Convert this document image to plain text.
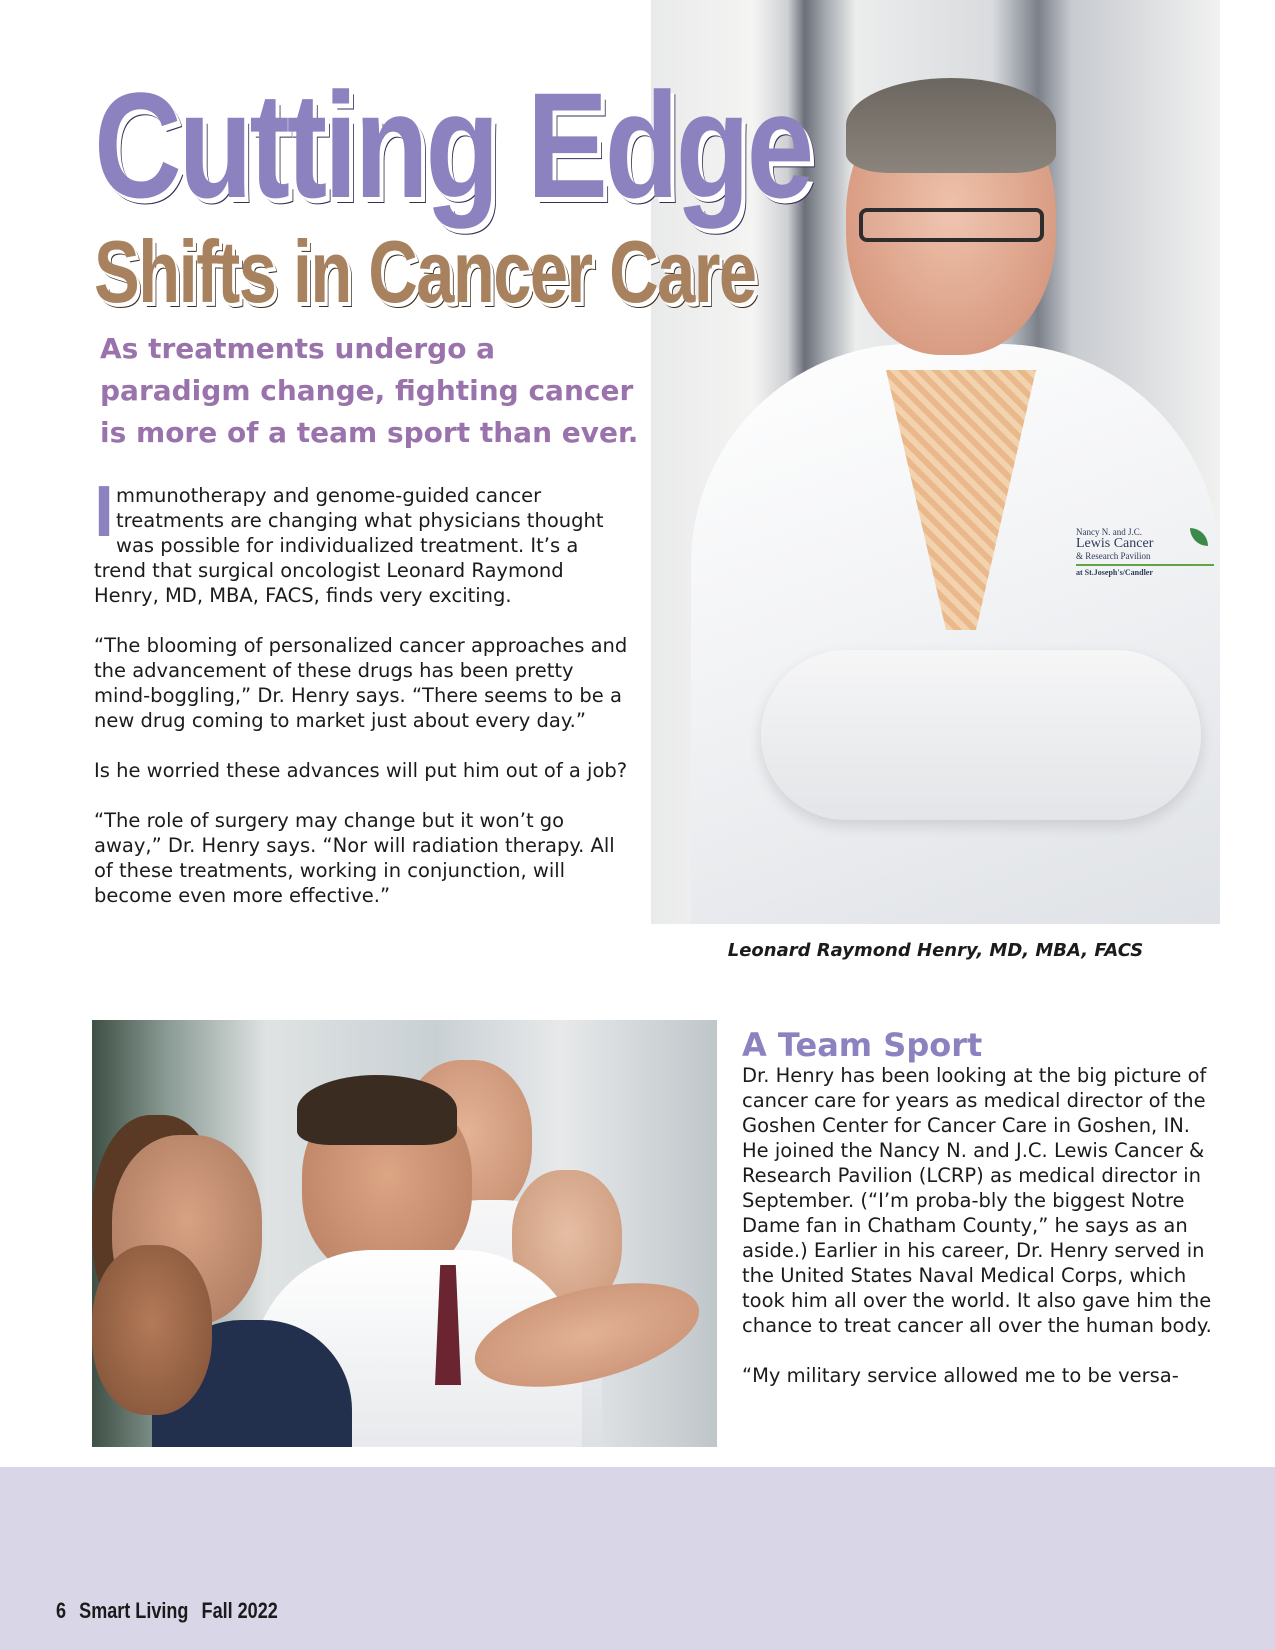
Nancy N. and J.C.
Lewis Cancer
& Research Pavilion
at St.Joseph's/Candler
Cutting Edge
Shifts in Cancer Care

As treatments undergo a paradigm change, fighting cancer is more of a team sport than ever.

Immunotherapy and genome-guided cancer treatments are changing what physicians thought was possible for individualized treatment. It’s a trend that surgical oncologist Leonard Raymond Henry, MD, MBA, FACS, finds very exciting.

“The blooming of personalized cancer approaches and the advancement of these drugs has been pretty mind-boggling,” Dr. Henry says. “There seems to be a new drug coming to market just about every day.”

Is he worried these advances will put him out of a job?

“The role of surgery may change but it won’t go away,” Dr. Henry says. “Nor will radiation therapy. All of these treatments, working in conjunction, will become even more effective.”

Leonard Raymond Henry, MD, MBA, FACS

A Team Sport

Dr. Henry has been looking at the big picture of cancer care for years as medical director of the Goshen Center for Cancer Care in Goshen, IN. He joined the Nancy N. and J.C. Lewis Cancer & Research Pavilion (LCRP) as medical director in September. (“I’m proba-bly the biggest Notre Dame fan in Chatham County,” he says as an aside.) Earlier in his career, Dr. Henry served in the United States Naval Medical Corps, which took him all over the world. It also gave him the chance to treat cancer all over the human body.

“My military service allowed me to be versa-

6 Smart Living Fall 2022
